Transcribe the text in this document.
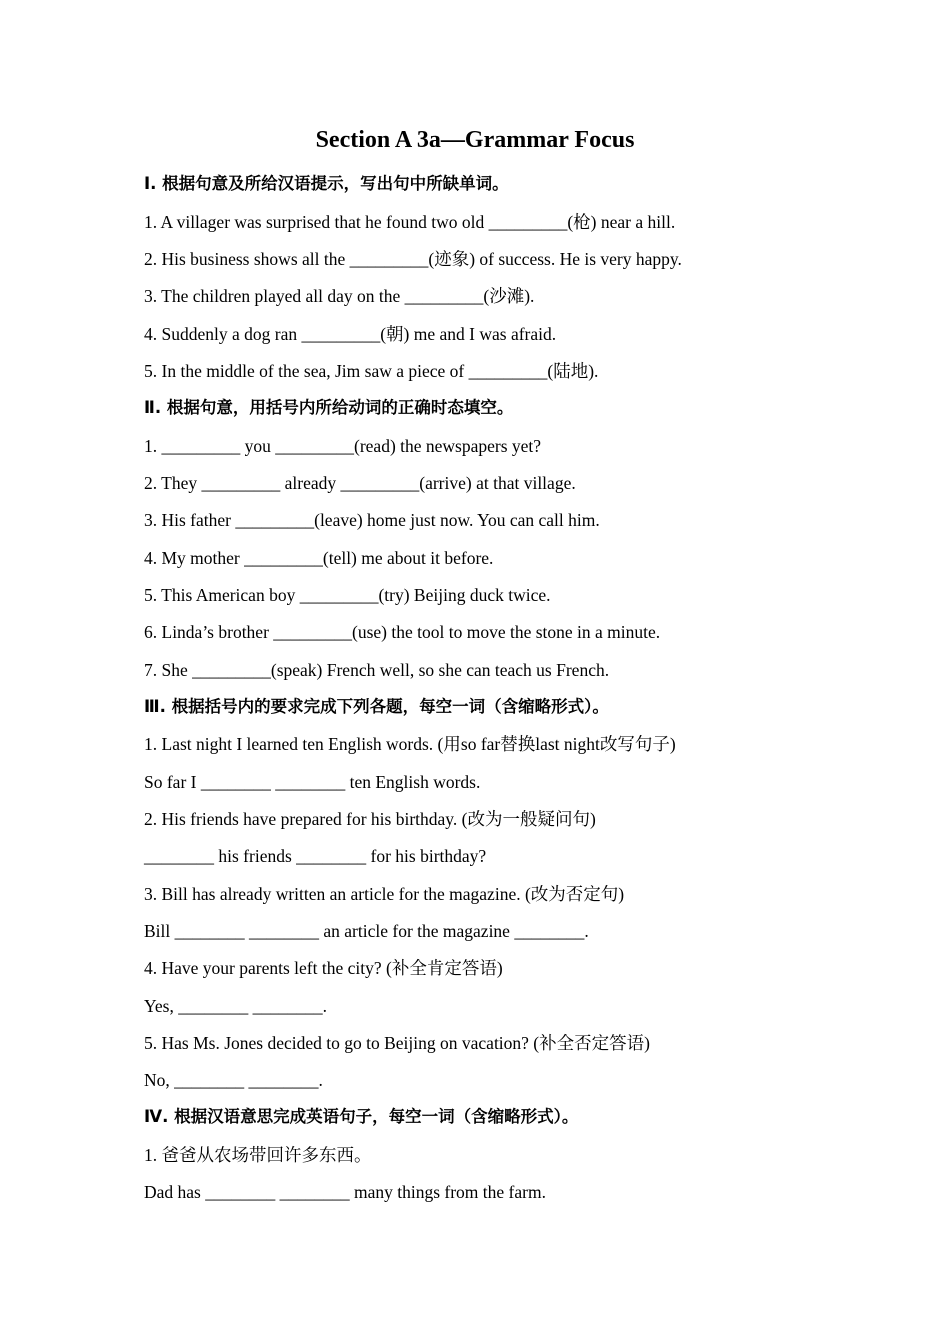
Section A 3a—Grammar Focus
Ⅰ. 根据句意及所给汉语提示，写出句中所缺单词。
1. A villager was surprised that he found two old _________(枪) near a hill.
2. His business shows all the _________(迹象) of success. He is very happy.
3. The children played all day on the _________(沙滩).
4. Suddenly a dog ran _________(朝) me and I was afraid.
5. In the middle of the sea, Jim saw a piece of _________(陆地).
Ⅱ. 根据句意，用括号内所给动词的正确时态填空。
1. _________ you _________(read) the newspapers yet?
2. They _________ already _________(arrive) at that village.
3. His father _________(leave) home just now. You can call him.
4. My mother _________(tell) me about it before.
5. This American boy _________(try) Beijing duck twice.
6. Linda’s brother _________(use) the tool to move the stone in a minute.
7. She _________(speak) French well, so she can teach us French.
Ⅲ. 根据括号内的要求完成下列各题，每空一词（含缩略形式）。
1. Last night I learned ten English words. (用so far替换last night改写句子)
So far I ________ ________ ten English words.
2. His friends have prepared for his birthday. (改为一般疑问句)
________ his friends ________ for his birthday?
3. Bill has already written an article for the magazine. (改为否定句)
Bill ________ ________ an article for the magazine ________.
4. Have your parents left the city? (补全肯定答语)
Yes, ________ ________.
5. Has Ms. Jones decided to go to Beijing on vacation? (补全否定答语)
No, ________ ________.
Ⅳ. 根据汉语意思完成英语句子，每空一词（含缩略形式）。
1. 爸爸从农场带回许多东西。
Dad has ________ ________ many things from the farm.
